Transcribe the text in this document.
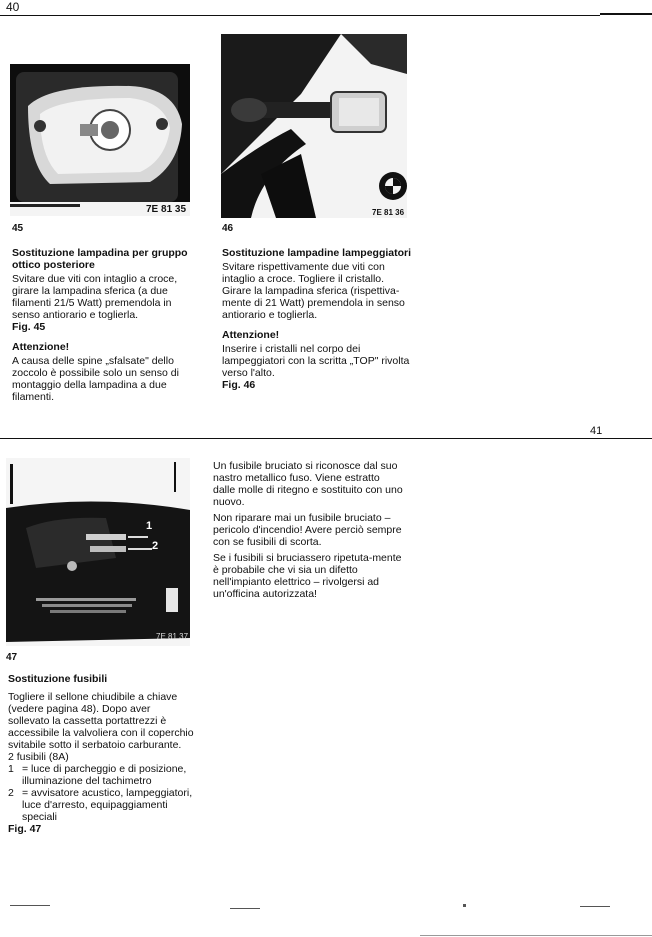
40
7E 81 35
45

Sostituzione lampadina per gruppo ottico posteriore

Svitare due viti con intaglio a croce, girare la lampadina sferica (a due filamenti 21/5 Watt) premendola in senso antiorario e toglierla.

Fig. 45

Attenzione!

A causa delle spine „sfalsate" dello zoccolo è possibile solo un senso di montaggio della lampadina a due filamenti.

7E 81 36
46

Sostituzione lampadine lampeggiatori

Svitare rispettivamente due viti con intaglio a croce. Togliere il cristallo. Girare la lampadina sferica (rispettiva-mente di 21 Watt) premendola in senso antiorario e toglierla.

Attenzione!

Inserire i cristalli nel corpo dei lampeggiatori con la scritta „TOP" rivolta verso l'alto.

Fig. 46

41
1
2
7E 81 37
47

Sostituzione fusibili

Togliere il sellone chiudibile a chiave (vedere pagina 48). Dopo aver sollevato la cassetta portattrezzi è accessibile la valvoliera con il coperchio svitabile sotto il serbatoio carburante.

2 fusibili (8A)

1 = luce di parcheggio e di posizione, illuminazione del tachimetro
2 = avvisatore acustico, lampeggiatori, luce d'arresto, equipaggiamenti speciali

Fig. 47

Un fusibile bruciato si riconosce dal suo nastro metallico fuso. Viene estratto dalle molle di ritegno e sostituito con uno nuovo.

Non riparare mai un fusibile bruciato – pericolo d'incendio! Avere perciò sempre con se fusibili di scorta.

Se i fusibili si bruciassero ripetuta-mente è probabile che vi sia un difetto nell'impianto elettrico – rivolgersi ad un'officina autorizzata!
